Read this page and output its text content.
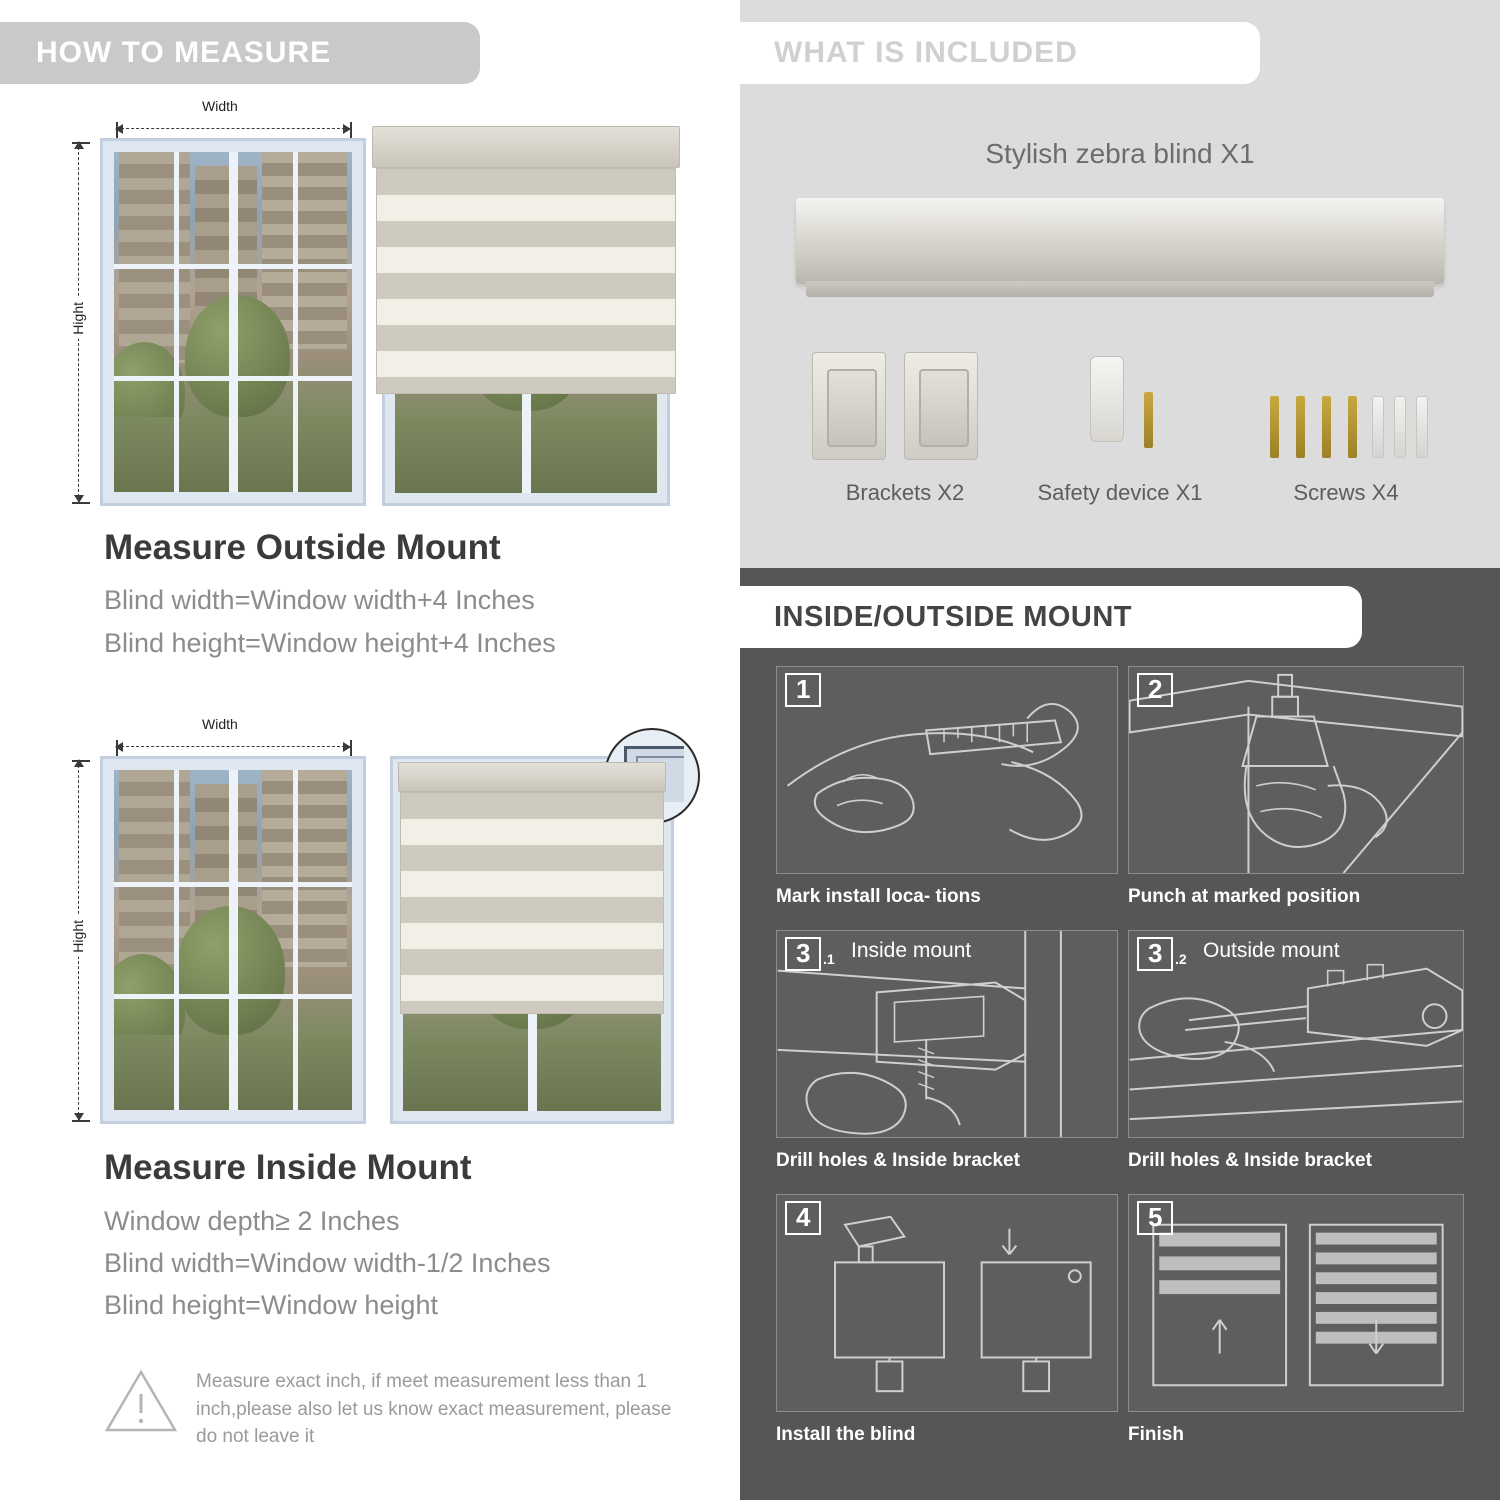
HOW TO MEASURE
Width
Hight
Measure Outside Mount
Blind width=Window width+4 Inches
Blind height=Window height+4 Inches
Width
Hight
Measure Inside Mount
Window depth≥ 2 Inches
Blind width=Window width-1/2 Inches
Blind height=Window height
Measure exact inch, if meet measurement less than 1 inch,please also let us know exact measurement, please do not leave it
WHAT IS INCLUDED
Stylish zebra blind X1
Brackets X2	Safety device X1	Screws X4
INSIDE/OUTSIDE MOUNT
1
Mark install loca- tions
2
Punch at marked position
3 .1 Inside mount
Drill holes & Inside bracket
3 .2 Outside mount
Drill holes & Inside bracket
4
Install the blind
5
Finish
